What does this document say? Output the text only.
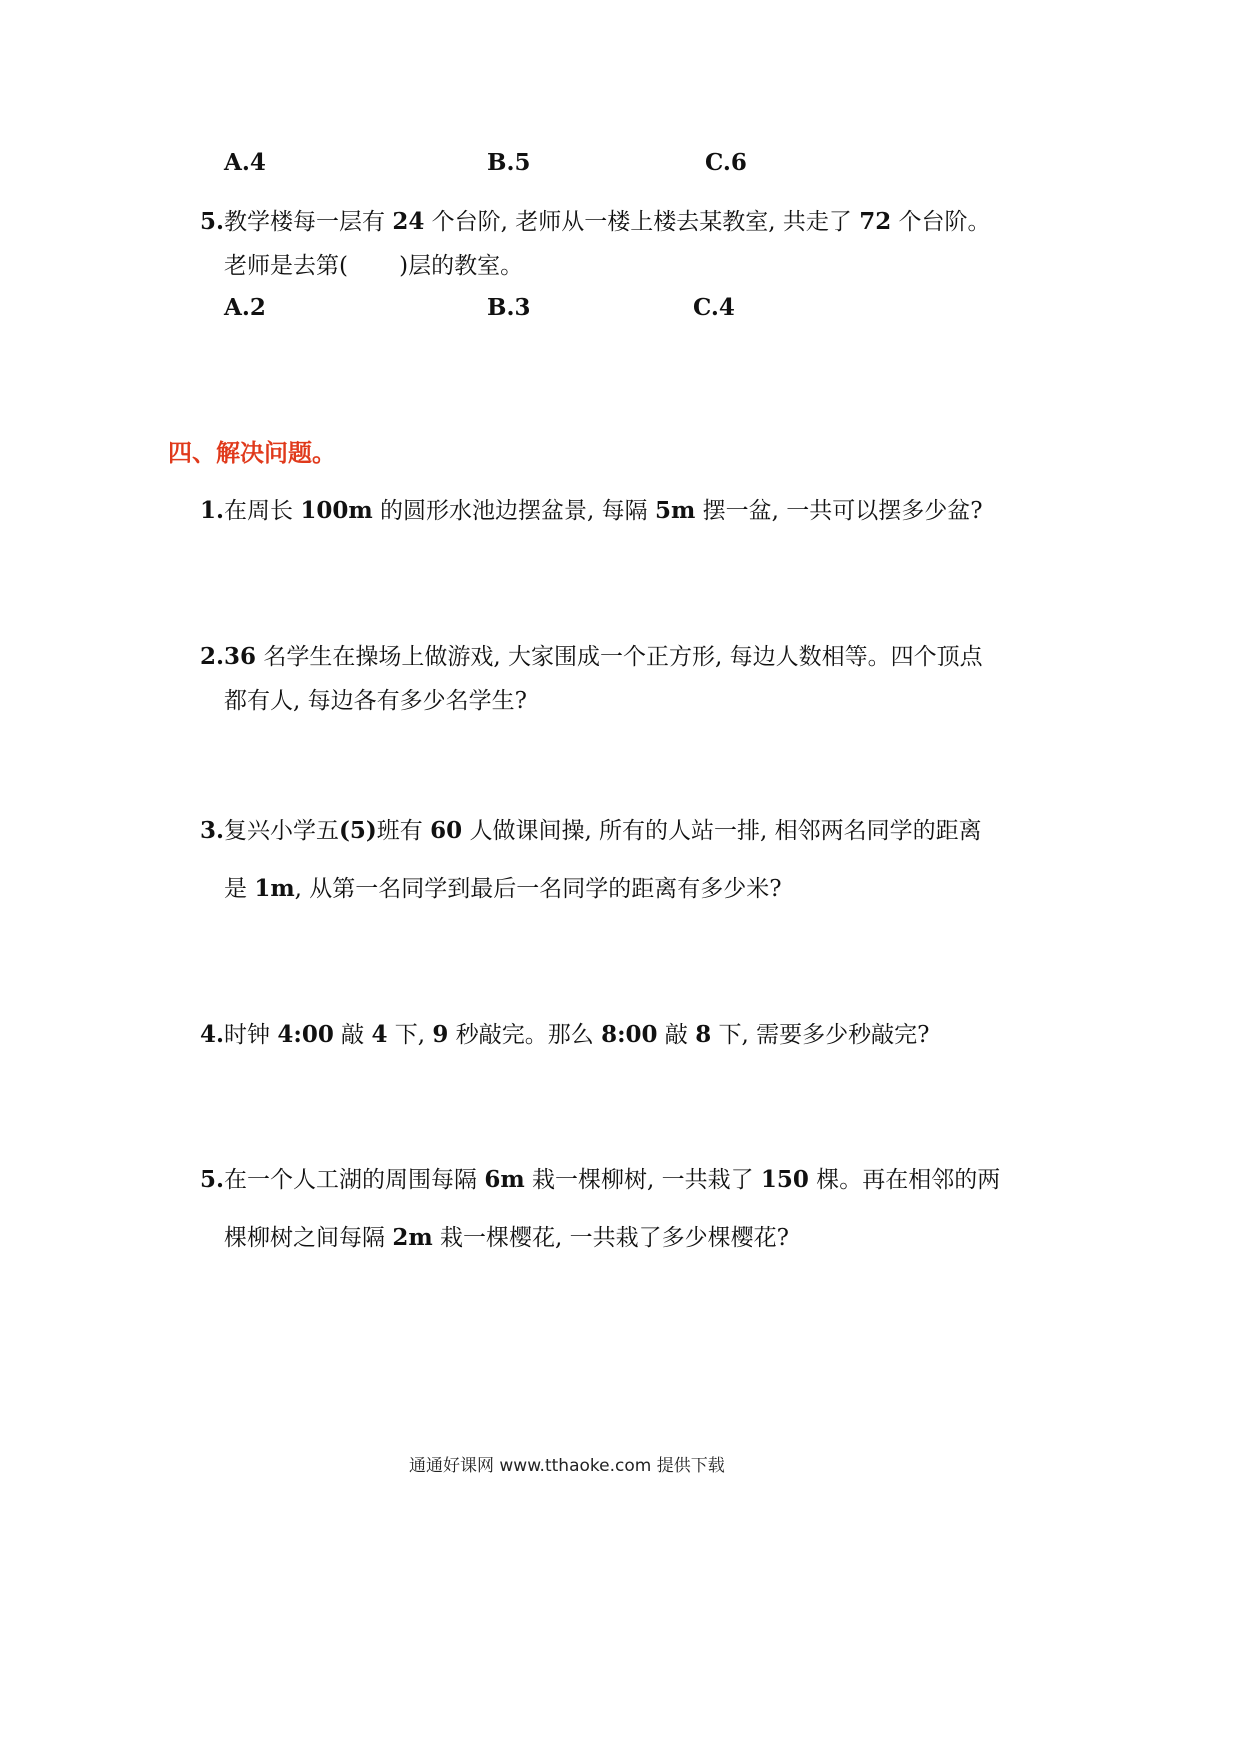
A.4	B.5	C.6
5.教学楼每一层有 24 个台阶, 老师从一楼上楼去某教室, 共走了 72 个台阶。
老师是去第(       )层的教室。
A.2	B.3	C.4
四、解决问题。
1.在周长 100m 的圆形水池边摆盆景, 每隔 5m 摆一盆, 一共可以摆多少盆?
2.36 名学生在操场上做游戏, 大家围成一个正方形, 每边人数相等。四个顶点
都有人, 每边各有多少名学生?
3.复兴小学五(5)班有 60 人做课间操, 所有的人站一排, 相邻两名同学的距离
是 1m, 从第一名同学到最后一名同学的距离有多少米?
4.时钟 4:00 敲 4 下, 9 秒敲完。那么 8:00 敲 8 下, 需要多少秒敲完?
5.在一个人工湖的周围每隔 6m 栽一棵柳树, 一共栽了 150 棵。再在相邻的两
棵柳树之间每隔 2m 栽一棵樱花, 一共栽了多少棵樱花?
通通好课网 www.tthaoke.com 提供下载
